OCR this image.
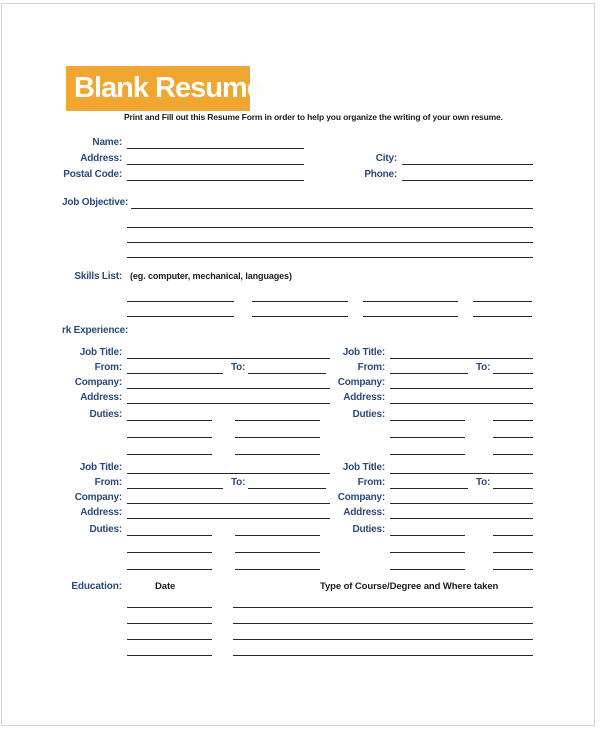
Blank Resume
Print and Fill out this Resume Form in order to help you organize the writing of your own resume.
Name:
Address:	City:
Postal Code:	Phone:
Job Objective:
Skills List: (eg. computer, mechanical, languages)
rk Experience:
Job Title:
From:	To:
Company:
Address:
Duties:
Job Title:
From:	To:
Company:
Address:
Duties:
Job Title:
From:	To:
Company:
Address:
Duties:
Job Title:
From:	To:
Company:
Address:
Duties:
Education:	Date	Type of Course/Degree and Where taken
